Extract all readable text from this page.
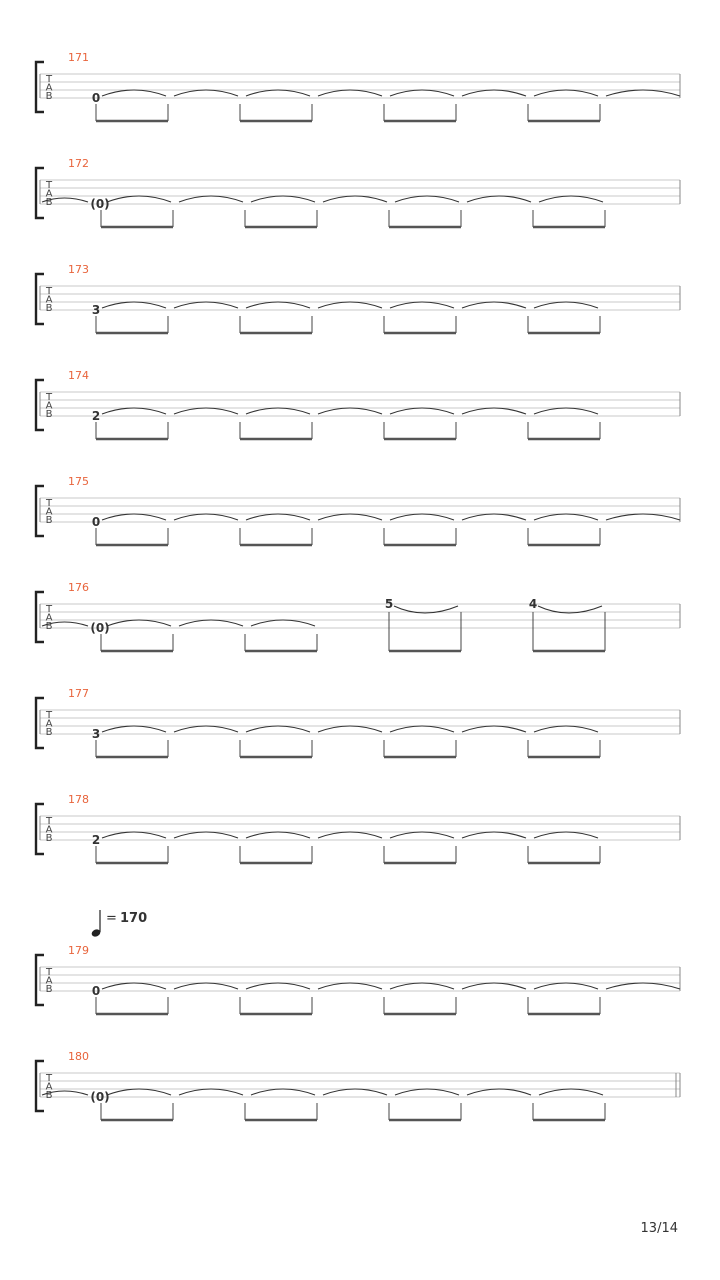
171
T
A
B	0
172
T
A
B	(0)
173
T
A
B	3
174
T
A
B	2
175
T
A
B	0
176
T
A
B	(0)
5	4
177
T
A
B	3
178
T
A
B	2
179
T
A
B	0
180
T
A
B	(0)
= 170
13/14
